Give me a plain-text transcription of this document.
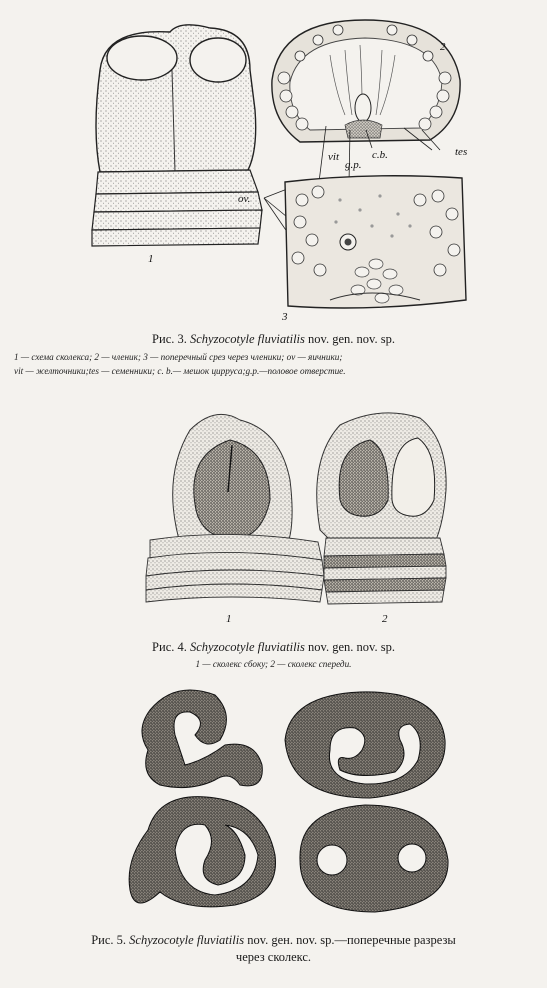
1
2
vit
g.p.
c.b.	tes
ov.
3
Рис. 3. Schyzocotyle fluviatilis nov. gen. nov. sp.
1 — схема сколекса; 2 — членик; 3 — поперечный срез через членики; ov — яичники;
vit — желточники;tes — семенники; c. b.— мешок циррусa;g.p.—половое отверстие.
1	2
Рис. 4. Schyzocotyle fluviatilis nov. gen. nov. sp.
1 — сколекс сбоку; 2 — сколекс спереди.
Рис. 5. Schyzocotyle fluviatilis nov. geн. nov. sp.—поперечные разрезы
через сколекс.
